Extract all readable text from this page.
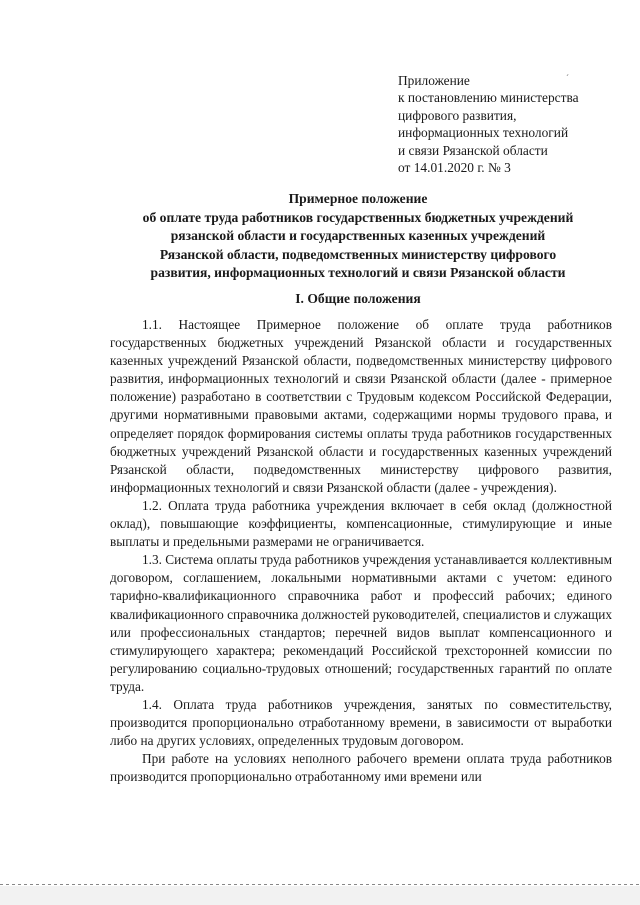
´
Приложение
к постановлению министерства
цифрового развития,
информационных технологий
и связи Рязанской области
от 14.01.2020 г. № 3
Примерное положение
об оплате труда работников государственных бюджетных учреждений
рязанской области и государственных казенных учреждений
Рязанской области, подведомственных министерству цифрового
развития, информационных технологий и связи Рязанской области
I. Общие положения

1.1. Настоящее Примерное положение об оплате труда работников государственных бюджетных учреждений Рязанской области и государственных казенных учреждений Рязанской области, подведомственных министерству цифрового развития, информационных технологий и связи Рязанской области (далее - примерное положение) разработано в соответствии с Трудовым кодексом Российской Федерации, другими нормативными правовыми актами, содержащими нормы трудового права, и определяет порядок формирования системы оплаты труда работников государственных бюджетных учреждений Рязанской области и государственных казенных учреждений Рязанской области, подведомственных министерству цифрового развития, информационных технологий и связи Рязанской области (далее - учреждения).

1.2. Оплата труда работника учреждения включает в себя оклад (должностной оклад), повышающие коэффициенты, компенсационные, стимулирующие и иные выплаты и предельными размерами не ограничивается.

1.3. Система оплаты труда работников учреждения устанавливается коллективным договором, соглашением, локальными нормативными актами с учетом: единого тарифно-квалификационного справочника работ и профессий рабочих; единого квалификационного справочника должностей руководителей, специалистов и служащих или профессиональных стандартов; перечней видов выплат компенсационного и стимулирующего характера; рекомендаций Российской трехсторонней комиссии по регулированию социально-трудовых отношений; государственных гарантий по оплате труда.

1.4. Оплата труда работников учреждения, занятых по совместительству, производится пропорционально отработанному времени, в зависимости от выработки либо на других условиях, определенных трудовым договором.

При работе на условиях неполного рабочего времени оплата труда работников производится пропорционально отработанному ими времени или
